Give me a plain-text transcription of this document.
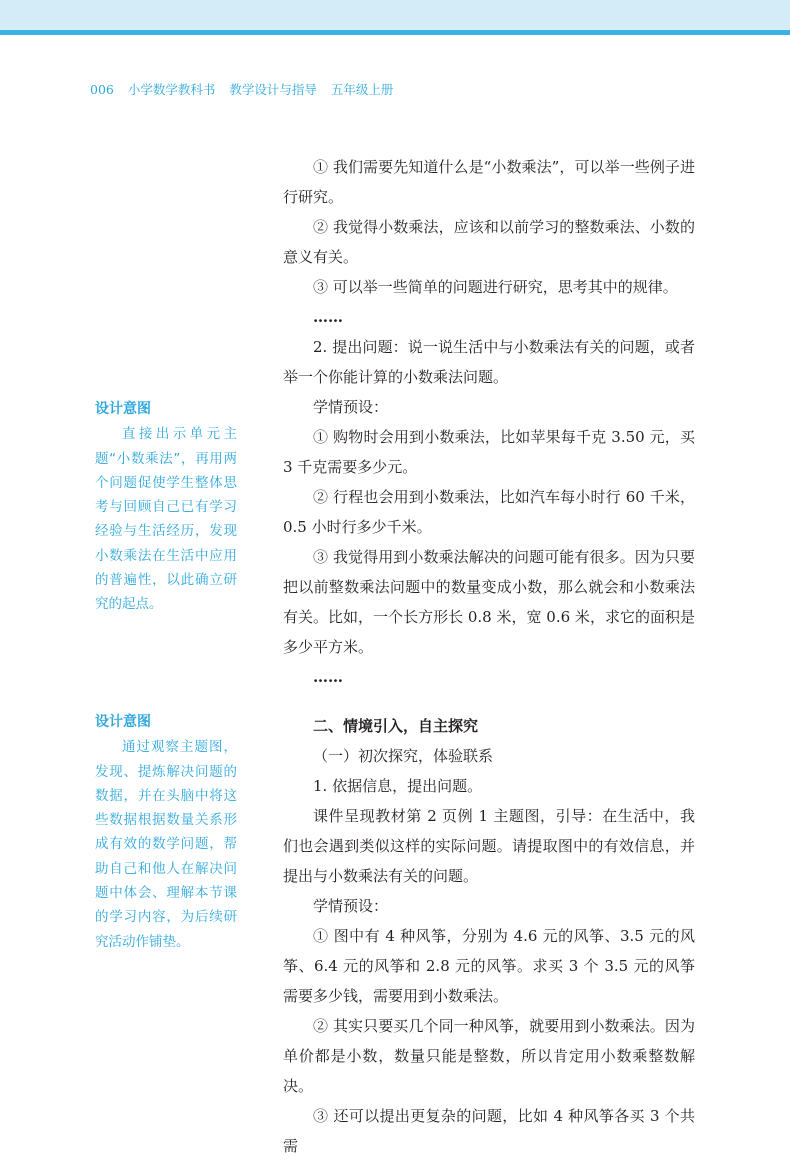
006 小学数学教科书 教学设计与指导 五年级上册
设计意图
直接出示单元主题“小数乘法”，再用两个问题促使学生整体思考与回顾自己已有学习经验与生活经历，发现小数乘法在生活中应用的普遍性，以此确立研究的起点。
设计意图
通过观察主题图，发现、提炼解决问题的数据，并在头脑中将这些数据根据数量关系形成有效的数学问题，帮助自己和他人在解决问题中体会、理解本节课的学习内容，为后续研究活动作铺垫。

① 我们需要先知道什么是“小数乘法”，可以举一些例子进行研究。

② 我觉得小数乘法，应该和以前学习的整数乘法、小数的意义有关。

③ 可以举一些简单的问题进行研究，思考其中的规律。

……

2. 提出问题：说一说生活中与小数乘法有关的问题，或者举一个你能计算的小数乘法问题。

学情预设：

① 购物时会用到小数乘法，比如苹果每千克 3.50 元，买 3 千克需要多少元。

② 行程也会用到小数乘法，比如汽车每小时行 60 千米，0.5 小时行多少千米。

③ 我觉得用到小数乘法解决的问题可能有很多。因为只要把以前整数乘法问题中的数量变成小数，那么就会和小数乘法有关。比如，一个长方形长 0.8 米，宽 0.6 米，求它的面积是多少平方米。

……

二、情境引入，自主探究

（一）初次探究，体验联系

1. 依据信息，提出问题。

课件呈现教材第 2 页例 1 主题图，引导：在生活中，我们也会遇到类似这样的实际问题。请提取图中的有效信息，并提出与小数乘法有关的问题。

学情预设：

① 图中有 4 种风筝，分别为 4.6 元的风筝、3.5 元的风筝、6.4 元的风筝和 2.8 元的风筝。求买 3 个 3.5 元的风筝需要多少钱，需要用到小数乘法。

② 其实只要买几个同一种风筝，就要用到小数乘法。因为单价都是小数，数量只能是整数，所以肯定用小数乘整数解决。

③ 还可以提出更复杂的问题，比如 4 种风筝各买 3 个共需
